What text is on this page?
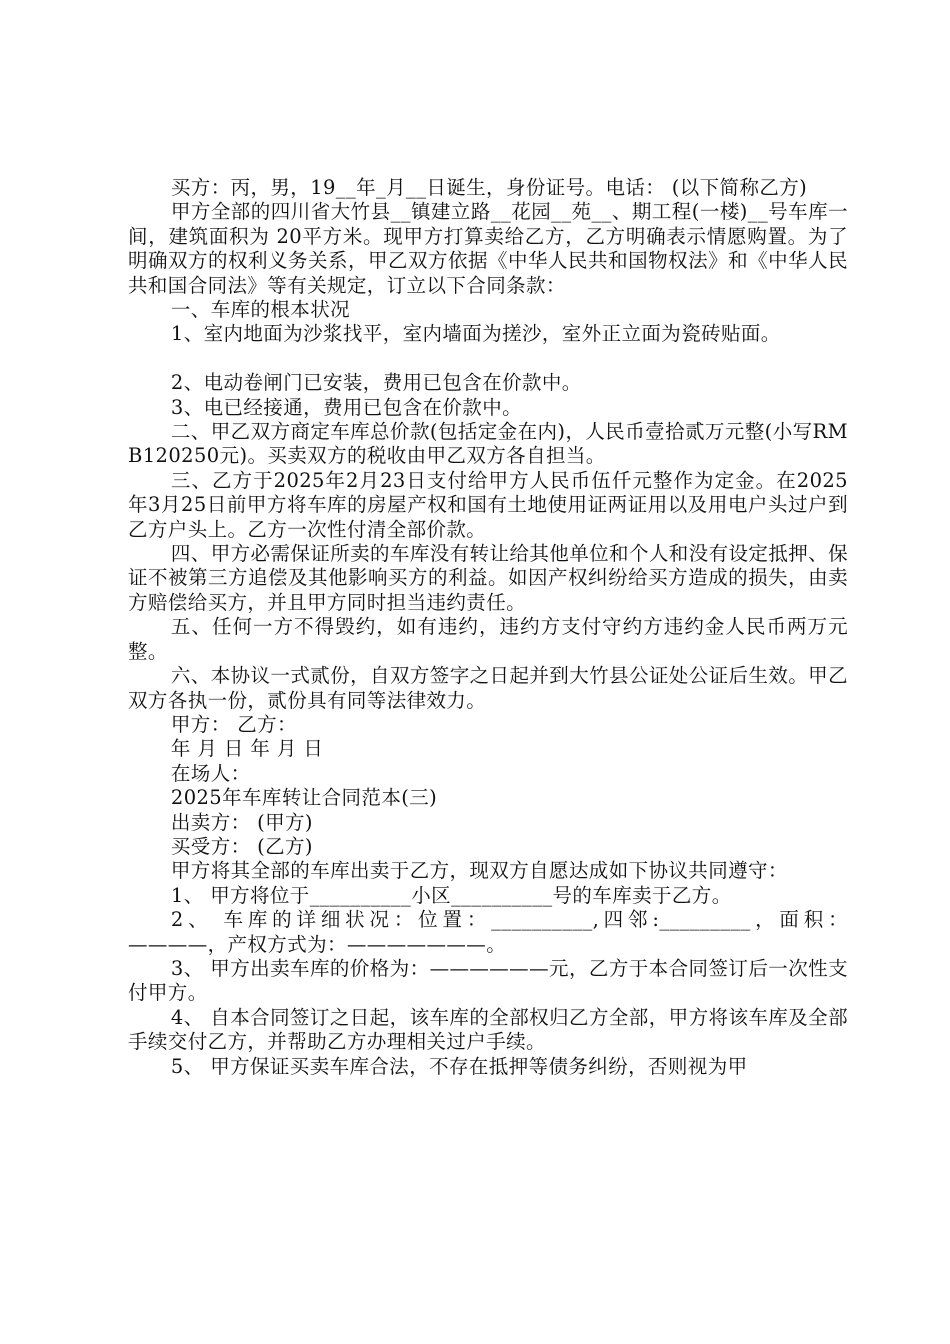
买方：丙，男，19__年_月__日诞生，身份证号。电话： (以下简称乙方)

甲方全部的四川省大竹县__镇建立路__花园__苑__、期工程(一楼)__号车库一间，建筑面积为 20平方米。现甲方打算卖给乙方，乙方明确表示情愿购置。为了明确双方的权利义务关系，甲乙双方依据《中华人民共和国物权法》和《中华人民共和国合同法》等有关规定，订立以下合同条款：

一、车库的根本状况

1、室内地面为沙浆找平，室内墙面为搓沙，室外正立面为瓷砖贴面。

2、电动卷闸门已安装，费用已包含在价款中。

3、电已经接通，费用已包含在价款中。

二、甲乙双方商定车库总价款(包括定金在内)，人民币壹拾贰万元整(小写RMB120250元)。买卖双方的税收由甲乙双方各自担当。

三、乙方于2025年2月23日支付给甲方人民币伍仟元整作为定金。在2025年3月25日前甲方将车库的房屋产权和国有土地使用证两证用以及用电户头过户到乙方户头上。乙方一次性付清全部价款。

四、甲方必需保证所卖的车库没有转让给其他单位和个人和没有设定抵押、保证不被第三方追偿及其他影响买方的利益。如因产权纠纷给买方造成的损失，由卖方赔偿给买方，并且甲方同时担当违约责任。

五、任何一方不得毁约，如有违约，违约方支付守约方违约金人民币两万元整。

六、本协议一式贰份，自双方签字之日起并到大竹县公证处公证后生效。甲乙双方各执一份，贰份具有同等法律效力。

甲方： 乙方：

年 月 日 年 月 日

在场人：

2025年车库转让合同范本(三)

出卖方： (甲方)

买受方： (乙方)

甲方将其全部的车库出卖于乙方，现双方自愿达成如下协议共同遵守：

1、 甲方将位于__________小区__________号的车库卖于乙方。

2、 车库的详细状况：位置：__________,四邻:_________，面积：————，产权方式为：———————。

3、 甲方出卖车库的价格为：——————元，乙方于本合同签订后一次性支付甲方。

4、 自本合同签订之日起，该车库的全部权归乙方全部，甲方将该车库及全部手续交付乙方，并帮助乙方办理相关过户手续。

5、 甲方保证买卖车库合法，不存在抵押等债务纠纷，否则视为甲
